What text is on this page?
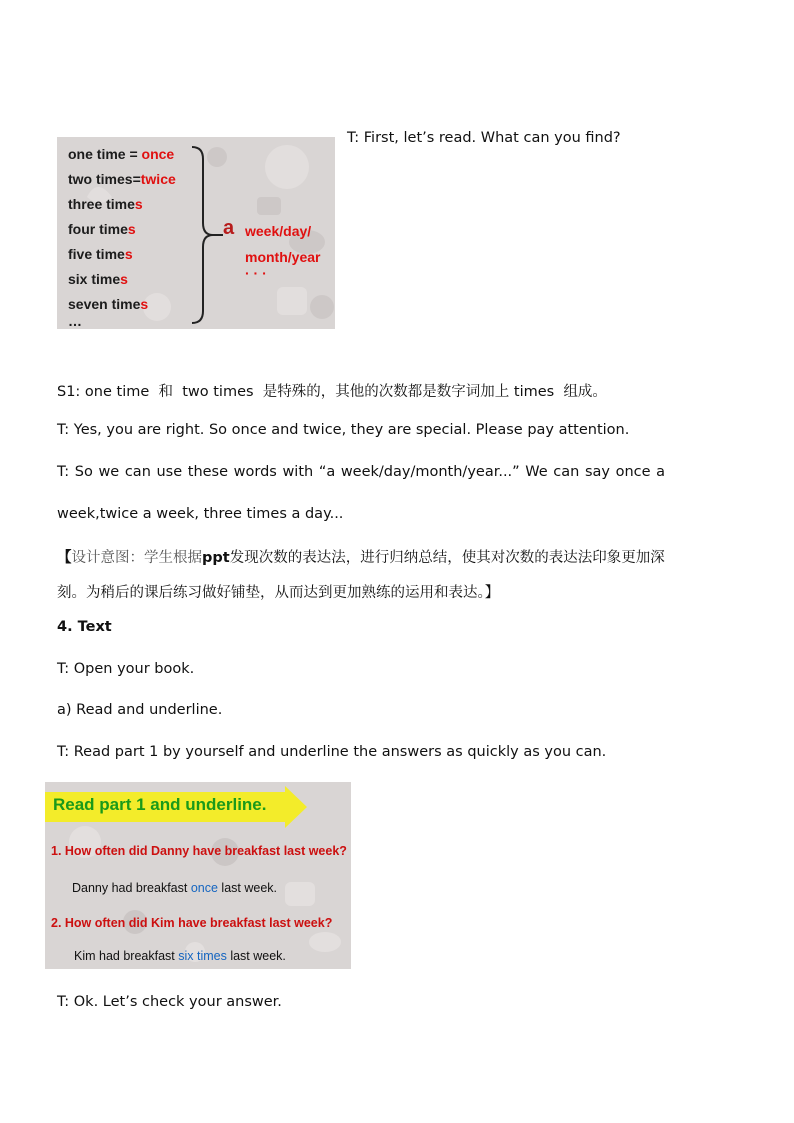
T: First, let’s read. What can you find?
one time = once
two times=twice
three times
four times
five times
six times
seven times
…
a week/day/
month/year
· · ·
S1: one time 和 two times 是特殊的，其他的次数都是数字词加上 times 组成。
T: Yes, you are right. So once and twice, they are special. Please pay attention.
T: So we can use these words with “a week/day/month/year...” We can say once a
week,twice a week, three times a day...
【设计意图：学生根据ppt发现次数的表达法，进行归纳总结，使其对次数的表达法印象更加深
刻。为稍后的课后练习做好铺垫，从而达到更加熟练的运用和表达。】
4. Text
T: Open your book.
a) Read and underline.
T: Read part 1 by yourself and underline the answers as quickly as you can.
Read part 1 and underline.
1. How often did Danny have breakfast last week?
Danny had breakfast once last week.
2. How often did Kim have breakfast last week?
Kim had breakfast six times last week.
T: Ok. Let’s check your answer.
